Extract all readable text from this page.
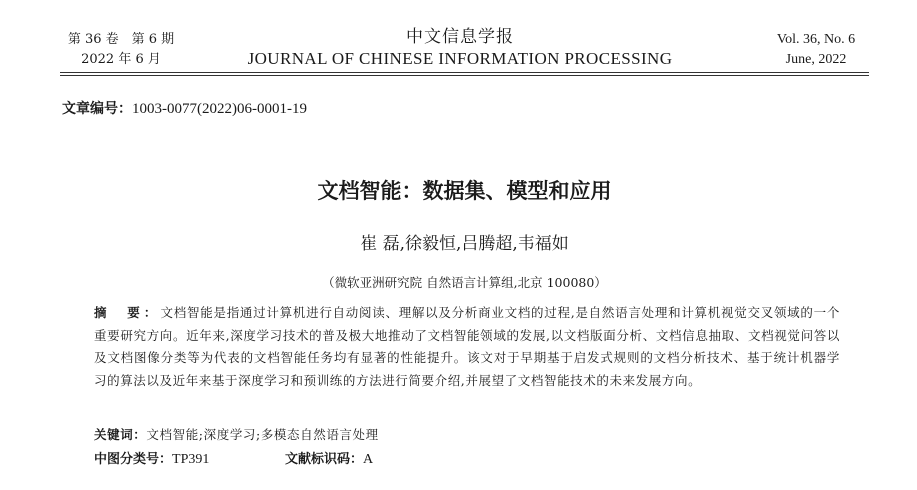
第 36 卷　第 6 期
2022 年 6 月
中文信息学报
JOURNAL OF CHINESE INFORMATION PROCESSING
Vol. 36, No. 6
June, 2022
文章编号：1003-0077(2022)06-0001-19
文档智能：数据集、模型和应用
崔 磊,徐毅恒,吕腾超,韦福如
（微软亚洲研究院 自然语言计算组,北京 100080）
摘　要：文档智能是指通过计算机进行自动阅读、理解以及分析商业文档的过程,是自然语言处理和计算机视觉交叉领域的一个重要研究方向。近年来,深度学习技术的普及极大地推动了文档智能领域的发展,以文档版面分析、文档信息抽取、文档视觉问答以及文档图像分类等为代表的文档智能任务均有显著的性能提升。该文对于早期基于启发式规则的文档分析技术、基于统计机器学习的算法以及近年来基于深度学习和预训练的方法进行简要介绍,并展望了文档智能技术的未来发展方向。
关键词：文档智能;深度学习;多模态自然语言处理
中图分类号：TP391	文献标识码：A
